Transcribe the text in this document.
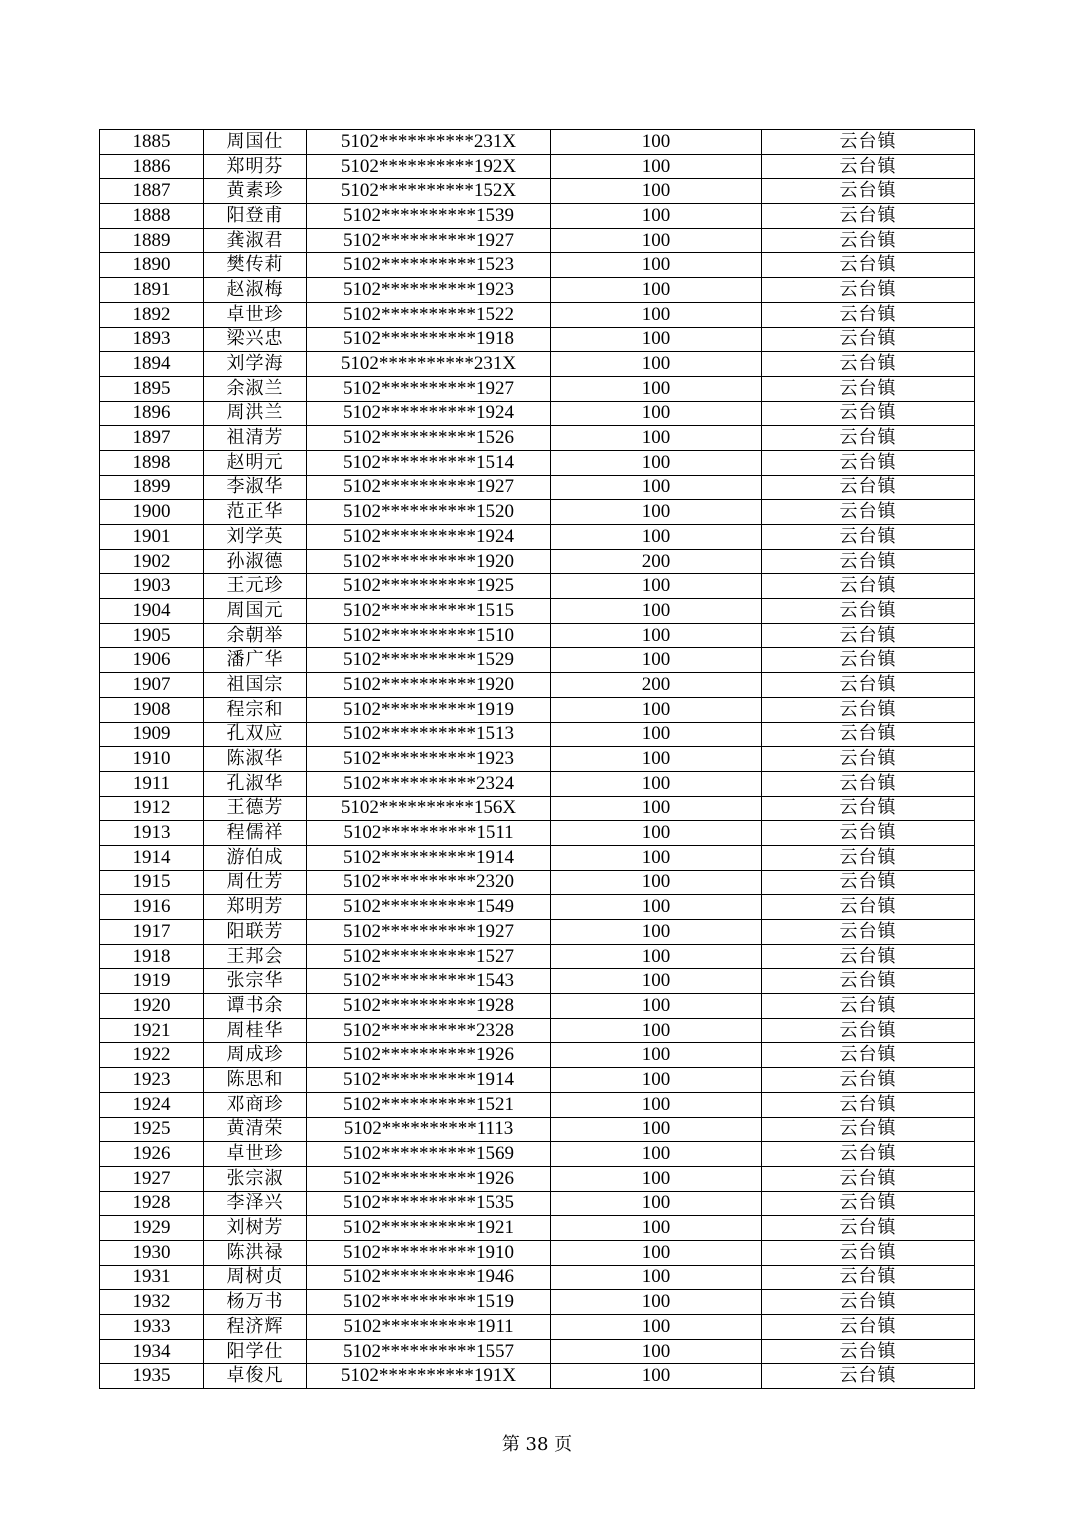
1885	周国仕	5102**********231X	100	云台镇
1886	郑明芬	5102**********192X	100	云台镇
1887	黄素珍	5102**********152X	100	云台镇
1888	阳登甫	5102**********1539	100	云台镇
1889	龚淑君	5102**********1927	100	云台镇
1890	樊传莉	5102**********1523	100	云台镇
1891	赵淑梅	5102**********1923	100	云台镇
1892	卓世珍	5102**********1522	100	云台镇
1893	梁兴忠	5102**********1918	100	云台镇
1894	刘学海	5102**********231X	100	云台镇
1895	余淑兰	5102**********1927	100	云台镇
1896	周洪兰	5102**********1924	100	云台镇
1897	祖清芳	5102**********1526	100	云台镇
1898	赵明元	5102**********1514	100	云台镇
1899	李淑华	5102**********1927	100	云台镇
1900	范正华	5102**********1520	100	云台镇
1901	刘学英	5102**********1924	100	云台镇
1902	孙淑德	5102**********1920	200	云台镇
1903	王元珍	5102**********1925	100	云台镇
1904	周国元	5102**********1515	100	云台镇
1905	余朝举	5102**********1510	100	云台镇
1906	潘广华	5102**********1529	100	云台镇
1907	祖国宗	5102**********1920	200	云台镇
1908	程宗和	5102**********1919	100	云台镇
1909	孔双应	5102**********1513	100	云台镇
1910	陈淑华	5102**********1923	100	云台镇
1911	孔淑华	5102**********2324	100	云台镇
1912	王德芳	5102**********156X	100	云台镇
1913	程儒祥	5102**********1511	100	云台镇
1914	游伯成	5102**********1914	100	云台镇
1915	周仕芳	5102**********2320	100	云台镇
1916	郑明芳	5102**********1549	100	云台镇
1917	阳联芳	5102**********1927	100	云台镇
1918	王邦会	5102**********1527	100	云台镇
1919	张宗华	5102**********1543	100	云台镇
1920	谭书余	5102**********1928	100	云台镇
1921	周桂华	5102**********2328	100	云台镇
1922	周成珍	5102**********1926	100	云台镇
1923	陈思和	5102**********1914	100	云台镇
1924	邓商珍	5102**********1521	100	云台镇
1925	黄清荣	5102**********1113	100	云台镇
1926	卓世珍	5102**********1569	100	云台镇
1927	张宗淑	5102**********1926	100	云台镇
1928	李泽兴	5102**********1535	100	云台镇
1929	刘树芳	5102**********1921	100	云台镇
1930	陈洪禄	5102**********1910	100	云台镇
1931	周树贞	5102**********1946	100	云台镇
1932	杨万书	5102**********1519	100	云台镇
1933	程济辉	5102**********1911	100	云台镇
1934	阳学仕	5102**********1557	100	云台镇
1935	卓俊凡	5102**********191X	100	云台镇
第 38 页
